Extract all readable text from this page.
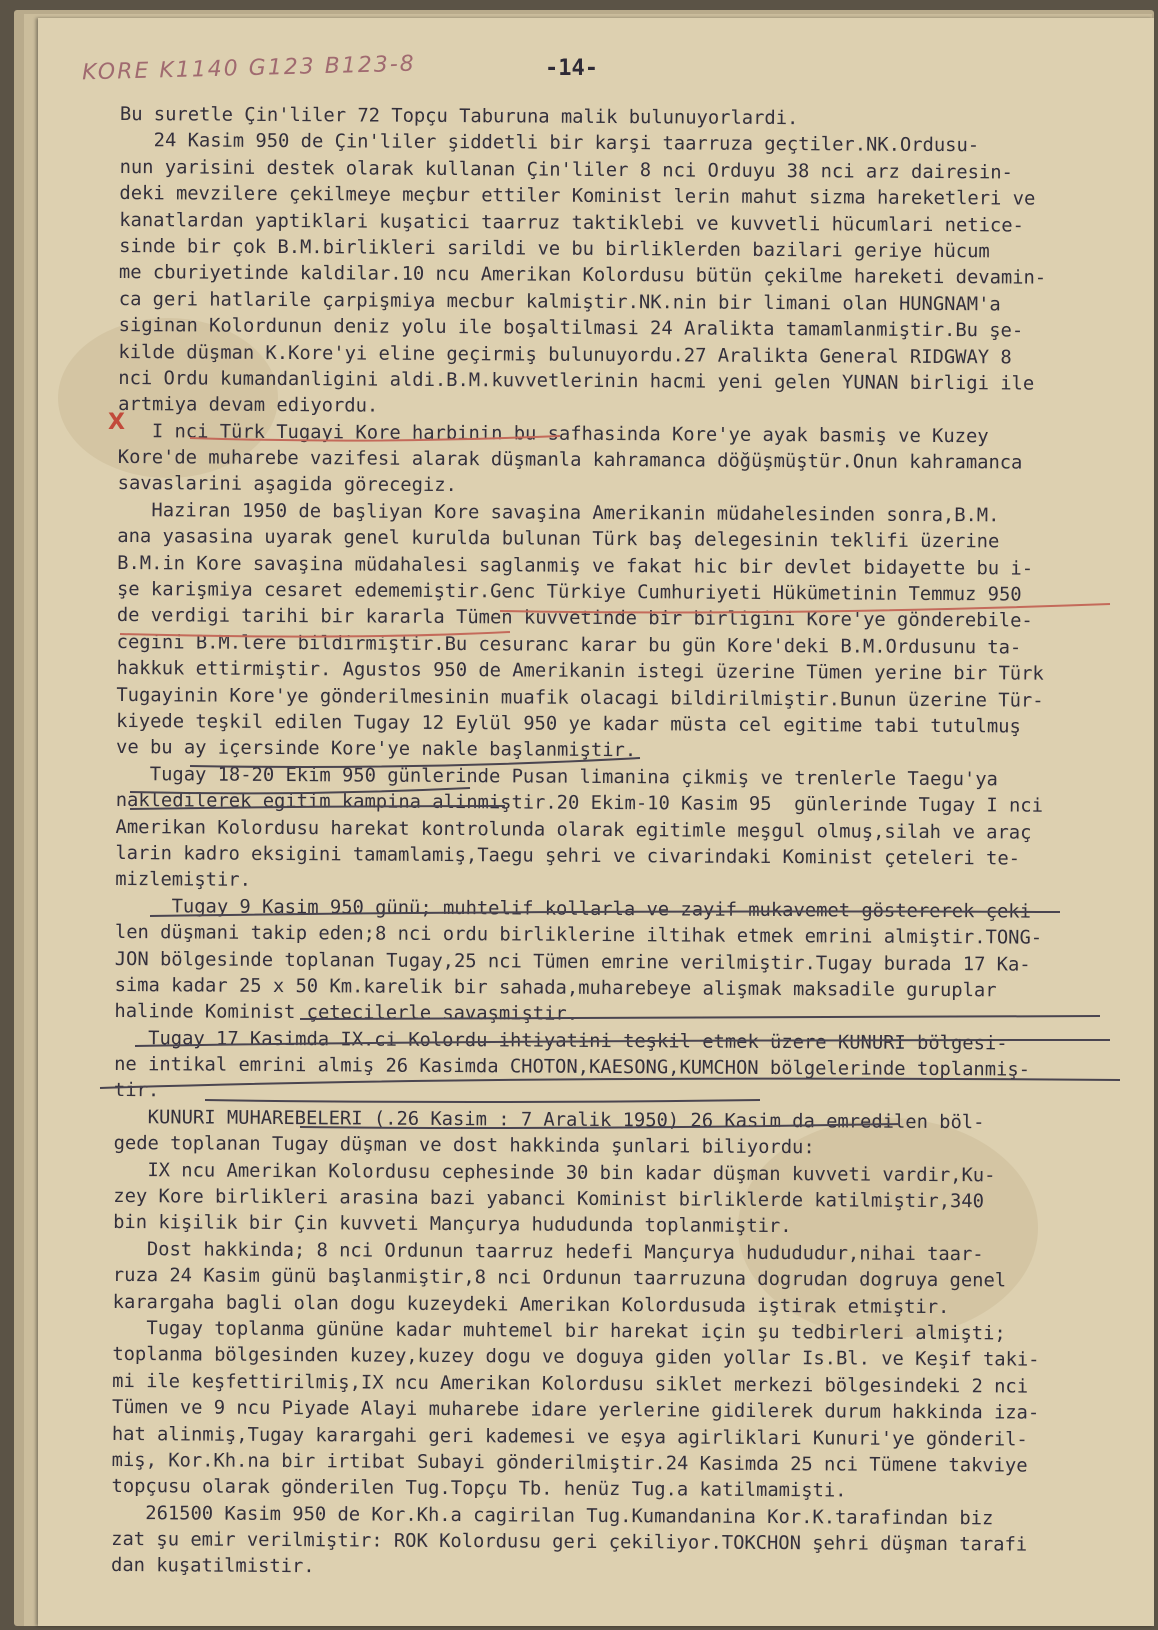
KORE K1140 G123 B123-8	-14-
X
Bu suretle Çin'liler 72 Topçu Taburuna malik bulunuyorlardi.
24 Kasim 950 de Çin'liler şiddetli bir karşi taarruza geçtiler.NK.Ordusu-
nun yarisini destek olarak kullanan Çin'liler 8 nci Orduyu 38 nci arz dairesin-
deki mevzilere çekilmeye meçbur ettiler Kominist lerin mahut sizma hareketleri ve
kanatlardan yaptiklari kuşatici taarruz taktiklebi ve kuvvetli hücumlari netice-
sinde bir çok B.M.birlikleri sarildi ve bu birliklerden bazilari geriye hücum
me cburiyetinde kaldilar.10 ncu Amerikan Kolordusu bütün çekilme hareketi devamin-
ca geri hatlarile çarpişmiya mecbur kalmiştir.NK.nin bir limani olan HUNGNAM'a
siginan Kolordunun deniz yolu ile boşaltilmasi 24 Aralikta tamamlanmiştir.Bu şe-
kilde düşman K.Kore'yi eline geçirmiş bulunuyordu.27 Aralikta General RIDGWAY 8
nci Ordu kumandanligini aldi.B.M.kuvvetlerinin hacmi yeni gelen YUNAN birligi ile
artmiya devam ediyordu.
I nci Türk Tugayi Kore harbinin bu safhasinda Kore'ye ayak basmiş ve Kuzey
Kore'de muharebe vazifesi alarak düşmanla kahramanca döğüşmüştür.Onun kahramanca
savaslarini aşagida görecegiz.
Haziran 1950 de başliyan Kore savaşina Amerikanin müdahelesinden sonra,B.M.
ana yasasina uyarak genel kurulda bulunan Türk baş delegesinin teklifi üzerine
B.M.in Kore savaşina müdahalesi saglanmiş ve fakat hic bir devlet bidayette bu i-
şe karişmiya cesaret edememiştir.Genc Türkiye Cumhuriyeti Hükümetinin Temmuz 950
de verdigi tarihi bir kararla Tümen kuvvetinde bir birligini Kore'ye gönderebile-
cegini B.M.lere bildirmiştir.Bu cesuranc karar bu gün Kore'deki B.M.Ordusunu ta-
hakkuk ettirmiştir. Agustos 950 de Amerikanin istegi üzerine Tümen yerine bir Türk
Tugayinin Kore'ye gönderilmesinin muafik olacagi bildirilmiştir.Bunun üzerine Tür-
kiyede teşkil edilen Tugay 12 Eylül 950 ye kadar müsta cel egitime tabi tutulmuş
ve bu ay içersinde Kore'ye nakle başlanmiştir.
Tugay 18-20 Ekim 950 günlerinde Pusan limanina çikmiş ve trenlerle Taegu'ya
nakledilerek egitim kampina alinmiştir.20 Ekim-10 Kasim 95  günlerinde Tugay I nci
Amerikan Kolordusu harekat kontrolunda olarak egitimle meşgul olmuş,silah ve araç
larin kadro eksigini tamamlamiş,Taegu şehri ve civarindaki Kominist çeteleri te-
mizlemiştir.
Tugay 9 Kasim 950 günü; muhtelif kollarla ve zayif mukavemet göstererek çeki
len düşmani takip eden;8 nci ordu birliklerine iltihak etmek emrini almiştir.TONG-
JON bölgesinde toplanan Tugay,25 nci Tümen emrine verilmiştir.Tugay burada 17 Ka-
sima kadar 25 x 50 Km.karelik bir sahada,muharebeye alişmak maksadile guruplar
halinde Kominist çetecilerle savaşmiştir.
Tugay 17 Kasimda IX.ci Kolordu ihtiyatini teşkil etmek üzere KUNURI bölgesi-
ne intikal emrini almiş 26 Kasimda CHOTON,KAESONG,KUMCHON bölgelerinde toplanmiş-
tir.
KUNURI MUHAREBELERI (.26 Kasim : 7 Aralik 1950) 26 Kasim da emredilen böl-
gede toplanan Tugay düşman ve dost hakkinda şunlari biliyordu:
IX ncu Amerikan Kolordusu cephesinde 30 bin kadar düşman kuvveti vardir,Ku-
zey Kore birlikleri arasina bazi yabanci Kominist birliklerde katilmiştir,340
bin kişilik bir Çin kuvveti Mançurya hududunda toplanmiştir.
Dost hakkinda; 8 nci Ordunun taarruz hedefi Mançurya hudududur,nihai taar-
ruza 24 Kasim günü başlanmiştir,8 nci Ordunun taarruzuna dogrudan dogruya genel
karargaha bagli olan dogu kuzeydeki Amerikan Kolordusuda iştirak etmiştir.
Tugay toplanma gününe kadar muhtemel bir harekat için şu tedbirleri almişti;
toplanma bölgesinden kuzey,kuzey dogu ve doguya giden yollar Is.Bl. ve Keşif taki-
mi ile keşfettirilmiş,IX ncu Amerikan Kolordusu siklet merkezi bölgesindeki 2 nci
Tümen ve 9 ncu Piyade Alayi muharebe idare yerlerine gidilerek durum hakkinda iza-
hat alinmiş,Tugay karargahi geri kademesi ve eşya agirliklari Kunuri'ye gönderil-
miş, Kor.Kh.na bir irtibat Subayi gönderilmiştir.24 Kasimda 25 nci Tümene takviye
topçusu olarak gönderilen Tug.Topçu Tb. henüz Tug.a katilmamişti.
261500 Kasim 950 de Kor.Kh.a cagirilan Tug.Kumandanina Kor.K.tarafindan biz
zat şu emir verilmiştir: ROK Kolordusu geri çekiliyor.TOKCHON şehri düşman tarafi
dan kuşatilmistir.
